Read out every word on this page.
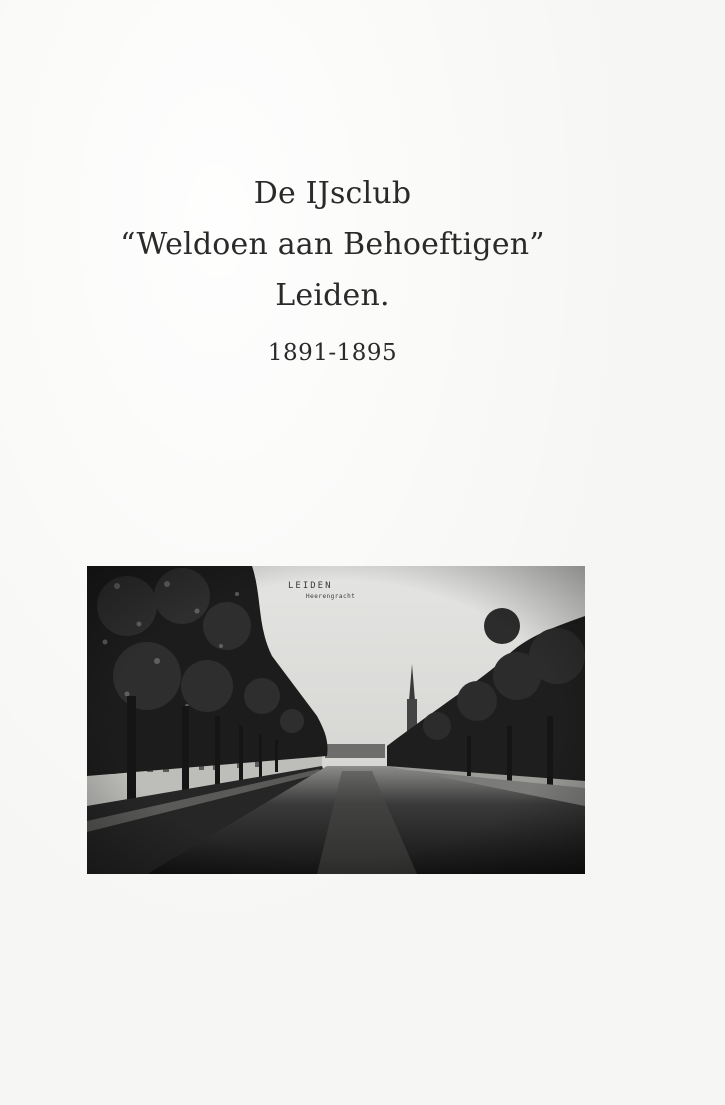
De IJsclub
“Weldoen aan Behoeftigen”
Leiden.
1891-1895
LEIDEN
Heerengracht
